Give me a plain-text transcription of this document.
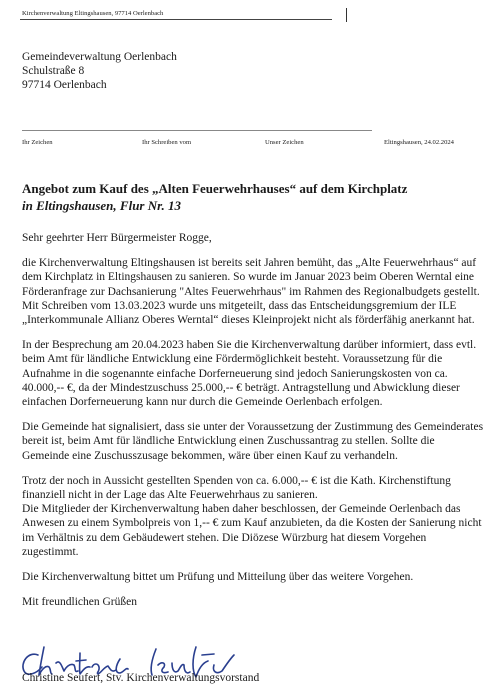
Kirchenverwaltung Eltingshausen, 97714 Oerlenbach
Gemeindeverwaltung Oerlenbach
Schulstraße 8
97714 Oerlenbach
Ihr Zeichen	Ihr Schreiben vom	Unser Zeichen	Eltingshausen, 24.02.2024
Angebot zum Kauf des „Alten Feuerwehrhauses“ auf dem Kirchplatz
in Eltingshausen, Flur Nr. 13

Sehr geehrter Herr Bürgermeister Rogge,

die Kirchenverwaltung Eltingshausen ist bereits seit Jahren bemüht, das „Alte Feuerwehrhaus“ auf dem Kirchplatz in Eltingshausen zu sanieren. So wurde im Januar 2023 beim Oberen Werntal eine Förderanfrage zur Dachsanierung "Altes Feuerwehrhaus" im Rahmen des Regionalbudgets gestellt. Mit Schreiben vom 13.03.2023 wurde uns mitgeteilt, dass das Entscheidungsgremium der ILE „Interkommunale Allianz Oberes Werntal“ dieses Kleinprojekt nicht als förderfähig anerkannt hat.

In der Besprechung am 20.04.2023 haben Sie die Kirchenverwaltung darüber informiert, dass evtl. beim Amt für ländliche Entwicklung eine Fördermöglichkeit besteht. Voraussetzung für die Aufnahme in die sogenannte einfache Dorferneuerung sind jedoch Sanierungskosten von ca. 40.000,-- €, da der Mindestzuschuss 25.000,-- € beträgt. Antragstellung und Abwicklung dieser einfachen Dorferneuerung kann nur durch die Gemeinde Oerlenbach erfolgen.

Die Gemeinde hat signalisiert, dass sie unter der Voraussetzung der Zustimmung des Gemeinderates bereit ist, beim Amt für ländliche Entwicklung einen Zuschussantrag zu stellen. Sollte die Gemeinde eine Zuschusszusage bekommen, wäre über einen Kauf zu verhandeln.

Trotz der noch in Aussicht gestellten Spenden von ca. 6.000,-- € ist die Kath. Kirchenstiftung finanziell nicht in der Lage das Alte Feuerwehrhaus zu sanieren.

Die Mitglieder der Kirchenverwaltung haben daher beschlossen, der Gemeinde Oerlenbach das Anwesen zu einem Symbolpreis von 1,-- € zum Kauf anzubieten, da die Kosten der Sanierung nicht im Verhältnis zu dem Gebäudewert stehen. Die Diözese Würzburg hat diesem Vorgehen zugestimmt.

Die Kirchenverwaltung bittet um Prüfung und Mitteilung über das weitere Vorgehen.

Mit freundlichen Grüßen

Christine Seufert, Stv. Kirchenverwaltungsvorstand
